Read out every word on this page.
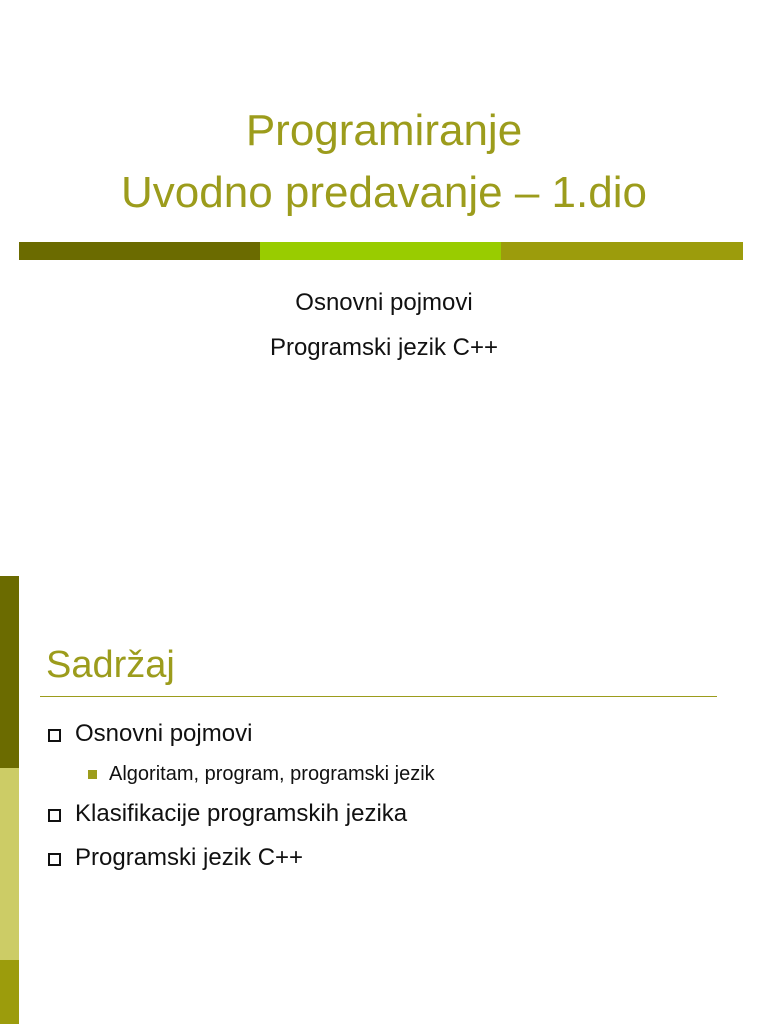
Programiranje
Uvodno predavanje – 1.dio
Osnovni pojmovi
Programski jezik C++
Sadržaj
Osnovni pojmovi
Algoritam, program, programski jezik
Klasifikacije programskih jezika
Programski jezik C++
